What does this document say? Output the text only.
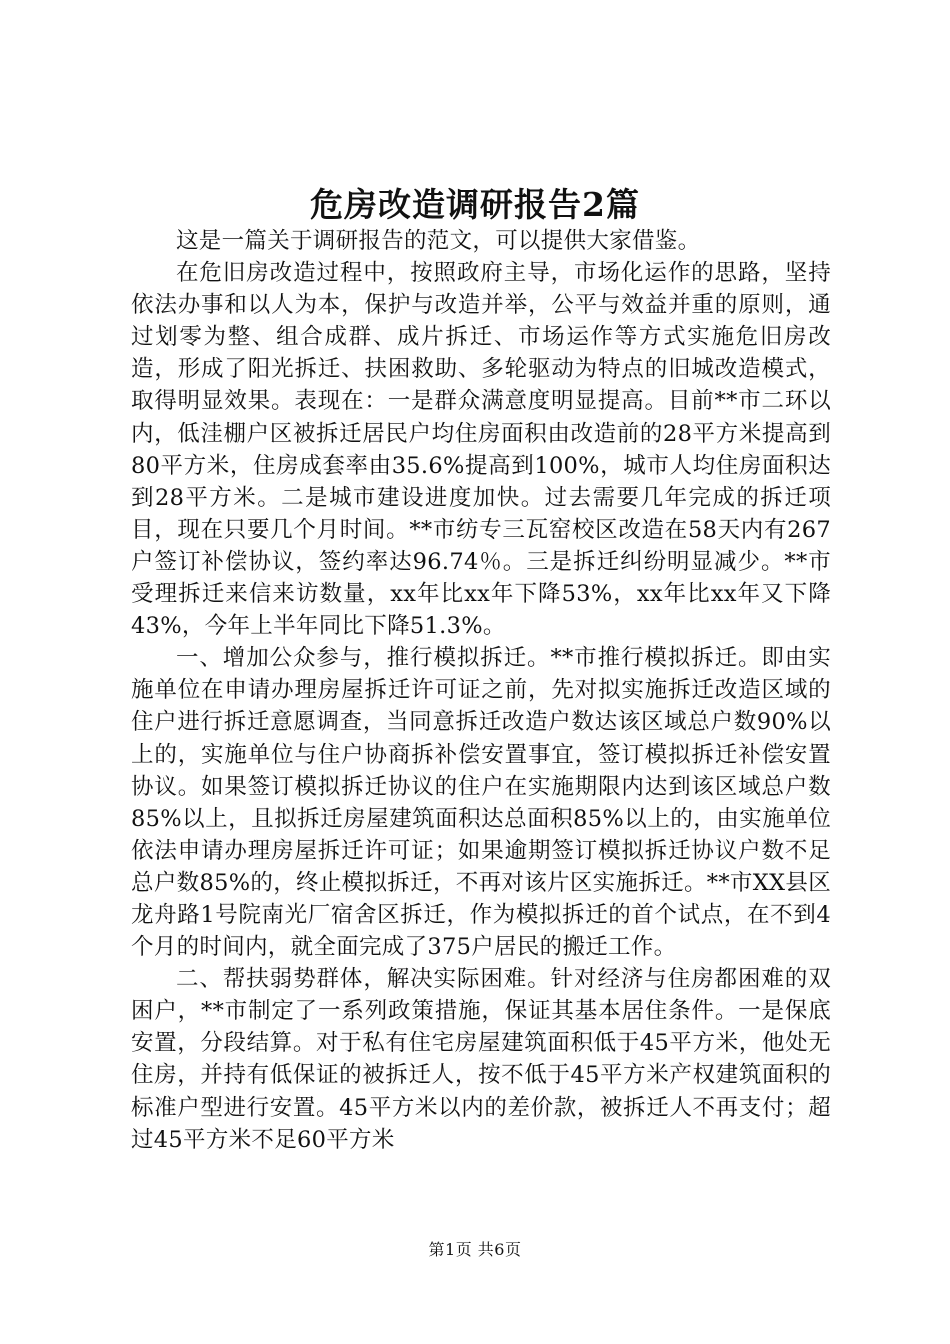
危房改造调研报告2篇

这是一篇关于调研报告的范文，可以提供大家借鉴。

在危旧房改造过程中，按照政府主导，市场化运作的思路，坚持依法办事和以人为本，保护与改造并举，公平与效益并重的原则，通过划零为整、组合成群、成片拆迁、市场运作等方式实施危旧房改造，形成了阳光拆迁、扶困救助、多轮驱动为特点的旧城改造模式，取得明显效果。表现在：一是群众满意度明显提高。目前**市二环以内，低洼棚户区被拆迁居民户均住房面积由改造前的28平方米提高到80平方米，住房成套率由35.6%提高到100%，城市人均住房面积达到28平方米。二是城市建设进度加快。过去需要几年完成的拆迁项目，现在只要几个月时间。**市纺专三瓦窑校区改造在58天内有267户签订补偿协议，签约率达96.74％。三是拆迁纠纷明显减少。**市受理拆迁来信来访数量，xx年比xx年下降53%，xx年比xx年又下降43%，今年上半年同比下降51.3%。

一、增加公众参与，推行模拟拆迁。**市推行模拟拆迁。即由实施单位在申请办理房屋拆迁许可证之前，先对拟实施拆迁改造区域的住户进行拆迁意愿调查，当同意拆迁改造户数达该区域总户数90%以上的，实施单位与住户协商拆补偿安置事宜，签订模拟拆迁补偿安置协议。如果签订模拟拆迁协议的住户在实施期限内达到该区域总户数85%以上，且拟拆迁房屋建筑面积达总面积85%以上的，由实施单位依法申请办理房屋拆迁许可证；如果逾期签订模拟拆迁协议户数不足总户数85%的，终止模拟拆迁，不再对该片区实施拆迁。**市XX县区龙舟路1号院南光厂宿舍区拆迁，作为模拟拆迁的首个试点，在不到4个月的时间内，就全面完成了375户居民的搬迁工作。

二、帮扶弱势群体，解决实际困难。针对经济与住房都困难的双困户，**市制定了一系列政策措施，保证其基本居住条件。一是保底安置，分段结算。对于私有住宅房屋建筑面积低于45平方米，他处无住房，并持有低保证的被拆迁人，按不低于45平方米产权建筑面积的标准户型进行安置。45平方米以内的差价款，被拆迁人不再支付；超过45平方米不足60平方米

第1页 共6页
